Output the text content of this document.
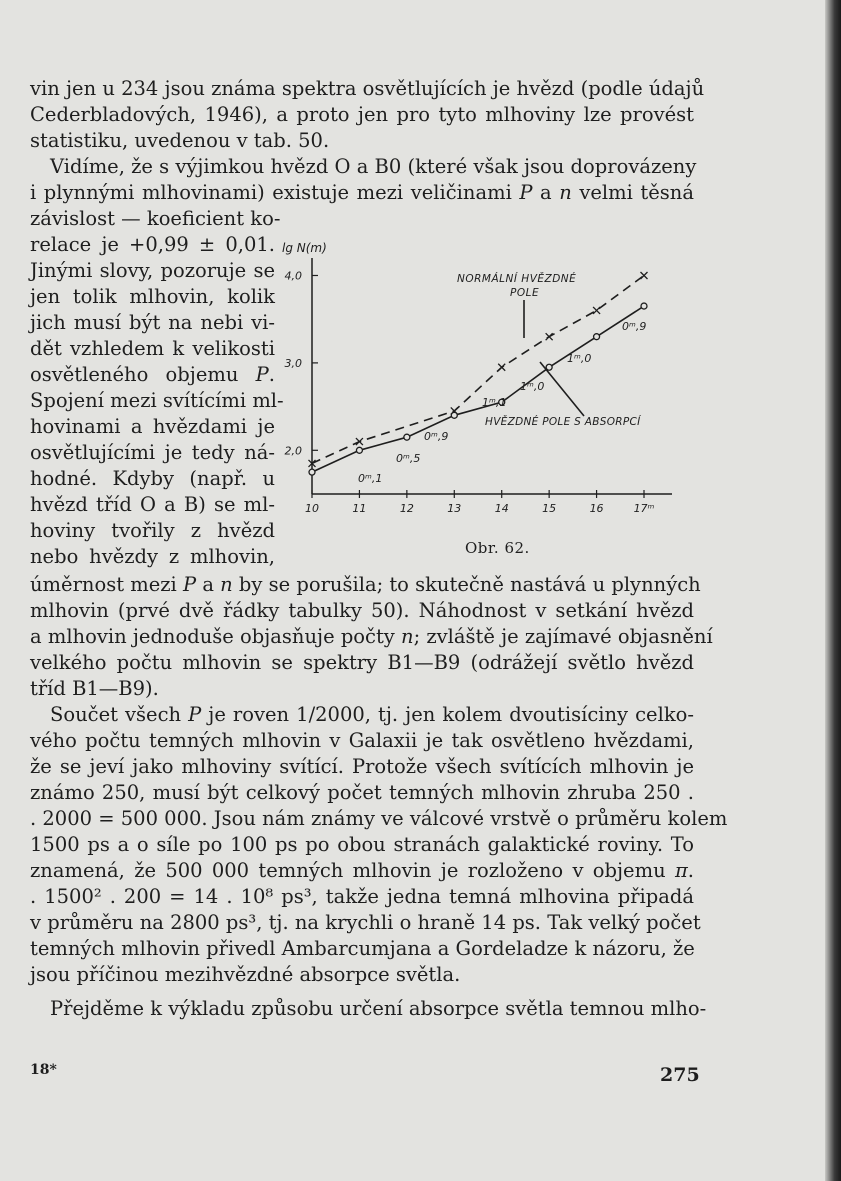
vin jen u 234 jsou známa spektra osvětlujících je hvězd (podle údajů
Cederbladových, 1946), a proto jen pro tyto mlhoviny lze provést
statistiku, uvedenou v tab. 50.
Vidíme, že s výjimkou hvězd O a B0 (které však jsou doprovázeny
i plynnými mlhovinami) existuje mezi veličinami P a n velmi těsná
závislost — koeficient ko-
relace je +0,99 ± 0,01.
Jinými slovy, pozoruje se
jen tolik mlhovin, kolik
jich musí být na nebi vi-
dět vzhledem k velikosti
osvětleného objemu P.
Spojení mezi svítícími ml-
hovinami a hvězdami je
osvětlujícími je tedy ná-
hodné. Kdyby (např. u
hvězd tříd O a B) se ml-
hoviny tvořily z hvězd
nebo hvězdy z mlhovin,
úměrnost mezi P a n by se porušila; to skutečně nastává u plynných
mlhovin (prvé dvě řádky tabulky 50). Náhodnost v setkání hvězd
a mlhovin jednoduše objasňuje počty n; zvláště je zajímavé objasnění
velkého počtu mlhovin se spektry B1—B9 (odrážejí světlo hvězd
tříd B1—B9).
Součet všech P je roven 1/2000, tj. jen kolem dvoutisíciny celko-
vého počtu temných mlhovin v Galaxii je tak osvětleno hvězdami,
že se jeví jako mlhoviny svítící. Protože všech svítících mlhovin je
známo 250, musí být celkový počet temných mlhovin zhruba 250 .
. 2000 = 500 000. Jsou nám známy ve válcové vrstvě o průměru kolem
1500 ps a o síle po 100 ps po obou stranách galaktické roviny. To
znamená, že 500 000 temných mlhovin je rozloženo v objemu π.
. 1500² . 200 = 14 . 10⁸ ps³, takže jedna temná mlhovina připadá
v průměru na 2800 ps³, tj. na krychli o hraně 14 ps. Tak velký počet
temných mlhovin přivedl Ambarcumjana a Gordeladze k názoru, že
jsou příčinou mezihvězdné absorpce světla.
Přejděme k výkladu způsobu určení absorpce světla temnou mlho-
10	11	12	13	14	15	16	17ᵐ
2,0
3,0
4,0
lg N(m)
NORMÁLNÍ HVĚZDNÉ
POLE
HVĚZDNÉ POLE S ABSORPCÍ
0ᵐ,1
0ᵐ,5
0ᵐ,9
1ᵐ,0
1ᵐ,0
1ᵐ,1
0ᵐ,9
Obr. 62.
18*	275
